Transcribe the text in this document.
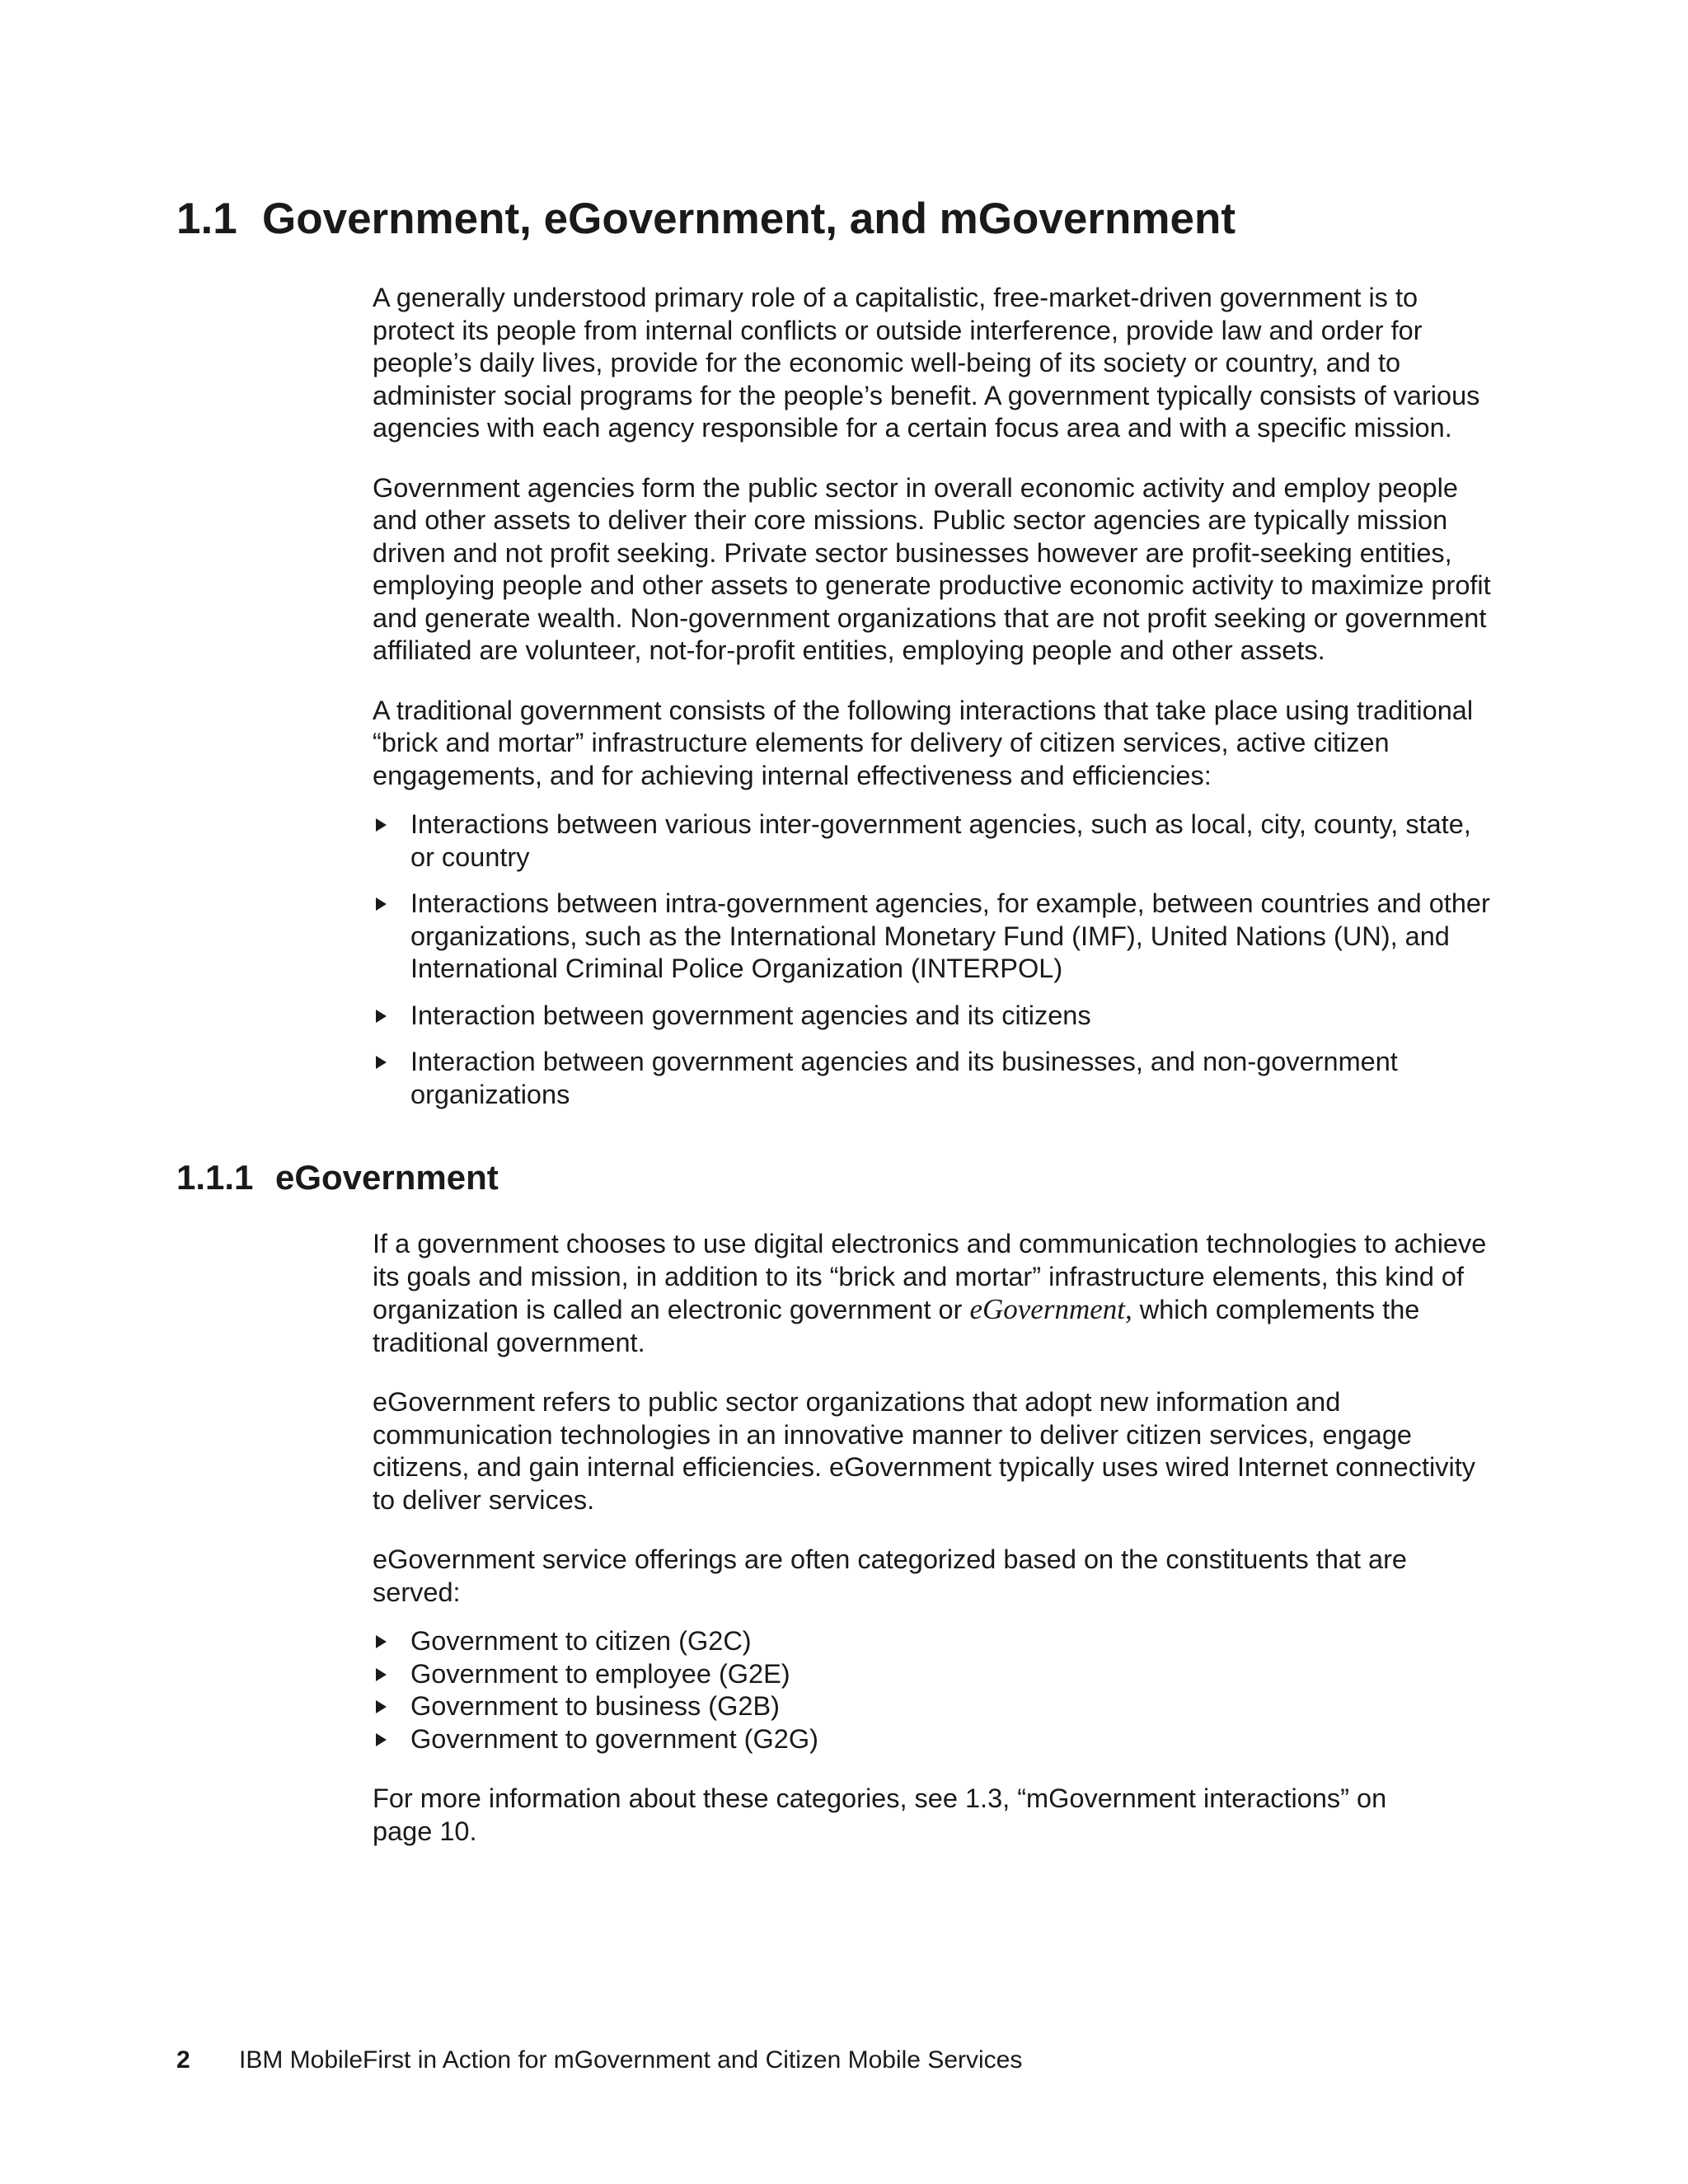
1.1 Government, eGovernment, and mGovernment

A generally understood primary role of a capitalistic, free-market-driven government is to protect its people from internal conflicts or outside interference, provide law and order for people’s daily lives, provide for the economic well-being of its society or country, and to administer social programs for the people’s benefit. A government typically consists of various agencies with each agency responsible for a certain focus area and with a specific mission.

Government agencies form the public sector in overall economic activity and employ people and other assets to deliver their core missions. Public sector agencies are typically mission driven and not profit seeking. Private sector businesses however are profit-seeking entities, employing people and other assets to generate productive economic activity to maximize profit and generate wealth. Non-government organizations that are not profit seeking or government affiliated are volunteer, not-for-profit entities, employing people and other assets.

A traditional government consists of the following interactions that take place using traditional “brick and mortar” infrastructure elements for delivery of citizen services, active citizen engagements, and for achieving internal effectiveness and efficiencies:

Interactions between various inter-government agencies, such as local, city, county, state, or country
Interactions between intra-government agencies, for example, between countries and other organizations, such as the International Monetary Fund (IMF), United Nations (UN), and International Criminal Police Organization (INTERPOL)
Interaction between government agencies and its citizens
Interaction between government agencies and its businesses, and non-government organizations
1.1.1 eGovernment

If a government chooses to use digital electronics and communication technologies to achieve its goals and mission, in addition to its “brick and mortar” infrastructure elements, this kind of organization is called an electronic government or eGovernment, which complements the traditional government.

eGovernment refers to public sector organizations that adopt new information and communication technologies in an innovative manner to deliver citizen services, engage citizens, and gain internal efficiencies. eGovernment typically uses wired Internet connectivity to deliver services.

eGovernment service offerings are often categorized based on the constituents that are served:

Government to citizen (G2C)
Government to employee (G2E)
Government to business (G2B)
Government to government (G2G)

For more information about these categories, see 1.3, “mGovernment interactions” on
page 10.

2 IBM MobileFirst in Action for mGovernment and Citizen Mobile Services
